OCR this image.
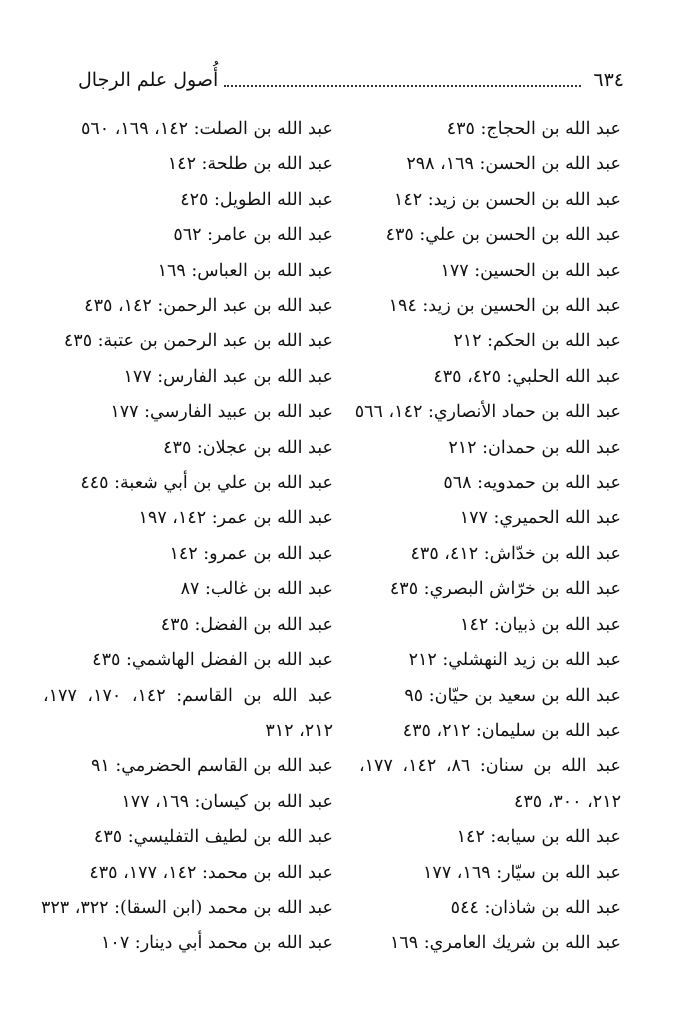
٦٣٤
أُصول علم الرجال
عبد الله بن الحجاج: ٤٣٥
عبد الله بن الحسن: ١٦٩، ٢٩٨
عبد الله بن الحسن بن زيد: ١٤٢
عبد الله بن الحسن بن علي: ٤٣٥
عبد الله بن الحسين: ١٧٧
عبد الله بن الحسين بن زيد: ١٩٤
عبد الله بن الحكم: ٢١٢
عبد الله الحلبي: ٤٢٥، ٤٣٥
عبد الله بن حماد الأنصاري: ١٤٢، ٥٦٦
عبد الله بن حمدان: ٢١٢
عبد الله بن حمدويه: ٥٦٨
عبد الله الحميري: ١٧٧
عبد الله بن خدّاش: ٤١٢، ٤٣٥
عبد الله بن خرّاش البصري: ٤٣٥
عبد الله بن ذبيان: ١٤٢
عبد الله بن زيد النهشلي: ٢١٢
عبد الله بن سعيد بن حيّان: ٩٥
عبد الله بن سليمان: ٢١٢، ٤٣٥
عبد الله بن سنان: ٨٦، ١٤٢، ١٧٧، ٢١٢، ٣٠٠، ٤٣٥
عبد الله بن سيابه: ١٤٢
عبد الله بن سيّار: ١٦٩، ١٧٧
عبد الله بن شاذان: ٥٤٤
عبد الله بن شريك العامري: ١٦٩
عبد الله بن الصلت: ١٤٢، ١٦٩، ٥٦٠
عبد الله بن طلحة: ١٤٢
عبد الله الطويل: ٤٢٥
عبد الله بن عامر: ٥٦٢
عبد الله بن العباس: ١٦٩
عبد الله بن عبد الرحمن: ١٤٢، ٤٣٥
عبد الله بن عبد الرحمن بن عتبة: ٤٣٥
عبد الله بن عبد الفارس: ١٧٧
عبد الله بن عبيد الفارسي: ١٧٧
عبد الله بن عجلان: ٤٣٥
عبد الله بن علي بن أبي شعبة: ٤٤٥
عبد الله بن عمر: ١٤٢، ١٩٧
عبد الله بن عمرو: ١٤٢
عبد الله بن غالب: ٨٧
عبد الله بن الفضل: ٤٣٥
عبد الله بن الفضل الهاشمي: ٤٣٥
عبد الله بن القاسم: ١٤٢، ١٧٠، ١٧٧، ٢١٢، ٣١٢
عبد الله بن القاسم الحضرمي: ٩١
عبد الله بن كيسان: ١٦٩، ١٧٧
عبد الله بن لطيف التفليسي: ٤٣٥
عبد الله بن محمد: ١٤٢، ١٧٧، ٤٣٥
عبد الله بن محمد (ابن السقا): ٣٢٢، ٣٢٣
عبد الله بن محمد أبي دينار: ١٠٧
